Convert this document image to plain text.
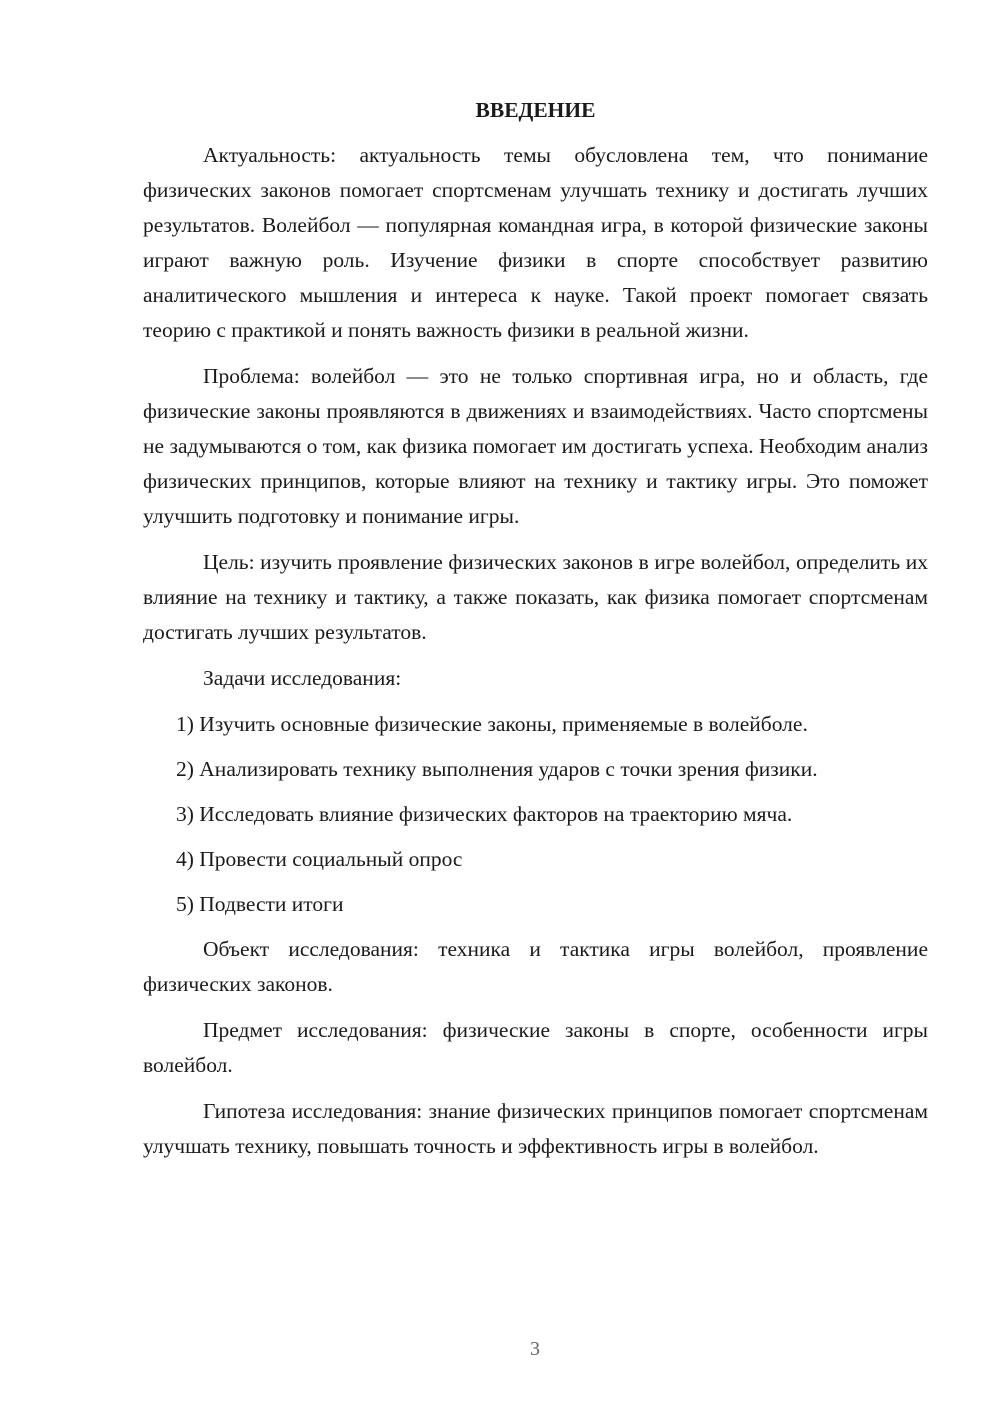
ВВЕДЕНИЕ

Актуальность: актуальность темы обусловлена тем, что понимание физических законов помогает спортсменам улучшать технику и достигать лучших результатов. Волейбол — популярная командная игра, в которой физические законы играют важную роль. Изучение физики в спорте способствует развитию аналитического мышления и интереса к науке. Такой проект помогает связать теорию с практикой и понять важность физики в реальной жизни.

Проблема: волейбол — это не только спортивная игра, но и область, где физические законы проявляются в движениях и взаимодействиях. Часто спортсмены не задумываются о том, как физика помогает им достигать успеха. Необходим анализ физических принципов, которые влияют на технику и тактику игры. Это поможет улучшить подготовку и понимание игры.

Цель: изучить проявление физических законов в игре волейбол, определить их влияние на технику и тактику, а также показать, как физика помогает спортсменам достигать лучших результатов.

Задачи исследования:

1) Изучить основные физические законы, применяемые в волейболе.
2) Анализировать технику выполнения ударов с точки зрения физики.
3) Исследовать влияние физических факторов на траекторию мяча.
4) Провести социальный опрос
5) Подвести итоги

Объект исследования: техника и тактика игры волейбол, проявление физических законов.

Предмет исследования: физические законы в спорте, особенности игры волейбол.

Гипотеза исследования: знание физических принципов помогает спортсменам улучшать технику, повышать точность и эффективность игры в волейбол.

3
